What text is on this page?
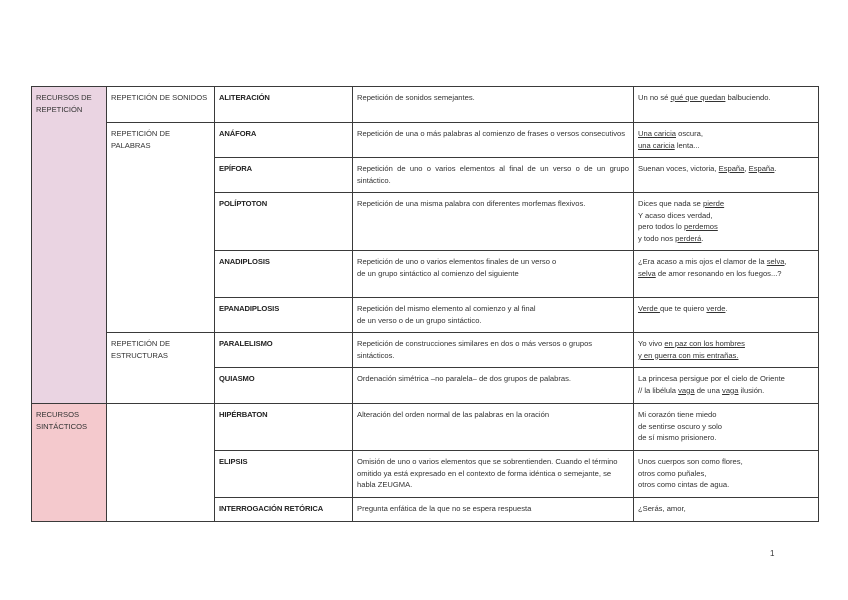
RECURSOS DE REPETICIÓN	REPETICIÓN DE SONIDOS	ALITERACIÓN	Repetición de sonidos semejantes.	Un no sé qué que quedan balbuciendo.
	REPETICIÓN DE PALABRAS	ANÁFORA	Repetición de una o más palabras al comienzo de frases o versos consecutivos	Una caricia oscura,
una caricia lenta...
		EPÍFORA	Repetición de uno o varios elementos al final de un verso o de un grupo sintáctico.	Suenan voces, victoria, España, España.
		POLÍPTOTON	Repetición de una misma palabra con diferentes morfemas flexivos.	Dices que nada se pierde
Y acaso dices verdad,
pero todos lo perdemos
y todo nos perderá.
		ANADIPLOSIS	Repetición de uno o varios elementos finales de un verso o de un grupo sintáctico al comienzo del siguiente	¿Era acaso a mis ojos el clamor de la selva,
selva de amor resonando en los fuegos...?
		EPANADIPLOSIS	Repetición del mismo elemento al comienzo y al final de un verso o de un grupo sintáctico.	Verde que te quiero verde.
	REPETICIÓN DE ESTRUCTURAS	PARALELISMO	Repetición de construcciones similares en dos o más versos o grupos sintácticos.	Yo vivo en paz con los hombres
y en guerra con mis entrañas.
		QUIASMO	Ordenación simétrica –no paralela– de dos grupos de palabras.	La princesa persigue por el cielo de Oriente
// la libélula vaga de una vaga ilusión.
RECURSOS SINTÁCTICOS		HIPÉRBATON	Alteración del orden normal de las palabras en la oración	Mi corazón tiene miedo
de sentirse oscuro y solo
de sí mismo prisionero.
		ELIPSIS	Omisión de uno o varios elementos que se sobrentienden. Cuando el término omitido ya está expresado en el contexto de forma idéntica o semejante, se habla ZEUGMA.	Unos cuerpos son como flores,
otros como puñales,
otros como cintas de agua.
		INTERROGACIÓN RETÓRICA	Pregunta enfática de la que no se espera respuesta	¿Serás, amor,
1
